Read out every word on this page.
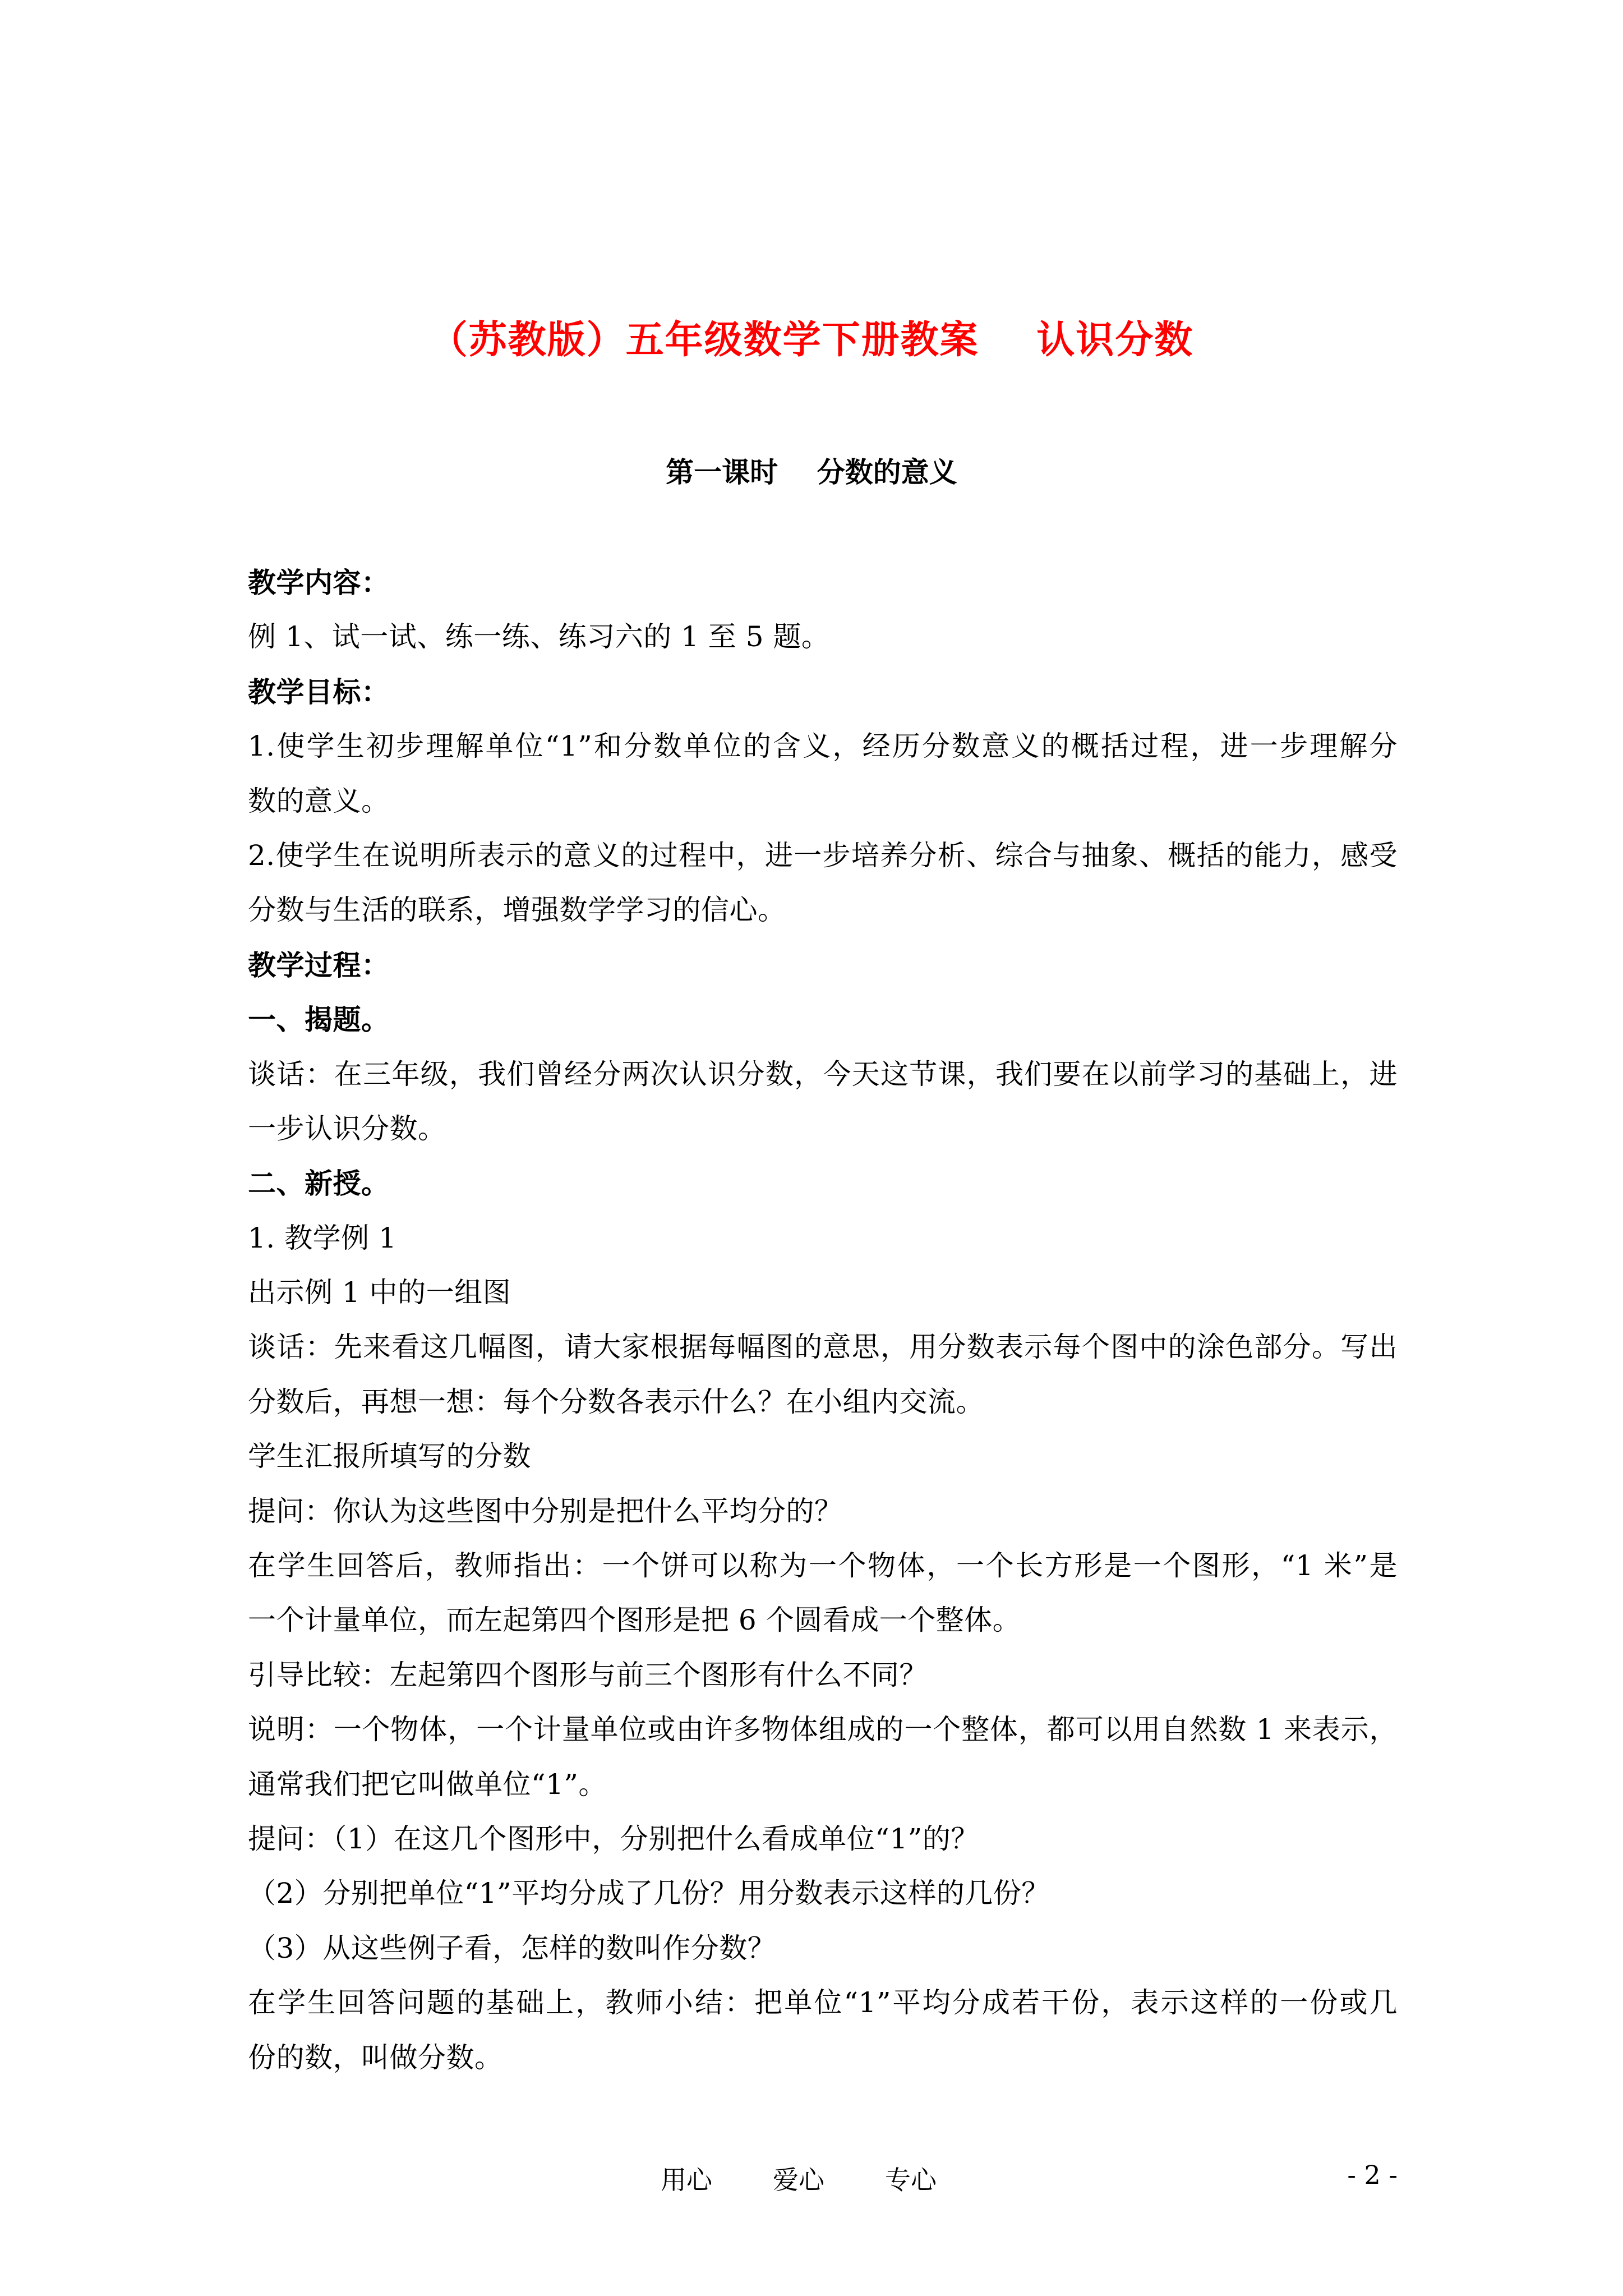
（苏教版）五年级数学下册教案    认识分数
第一课时    分数的意义
教学内容：
例 1、试一试、练一练、练习六的 1 至 5 题。
教学目标：
1.使学生初步理解单位“1”和分数单位的含义，经历分数意义的概括过程，进一步理解分
数的意义。
2.使学生在说明所表示的意义的过程中，进一步培养分析、综合与抽象、概括的能力，感受
分数与生活的联系，增强数学学习的信心。
教学过程：
一、揭题。
谈话：在三年级，我们曾经分两次认识分数，今天这节课，我们要在以前学习的基础上，进
一步认识分数。
二、新授。
1. 教学例 1
出示例 1 中的一组图
谈话：先来看这几幅图，请大家根据每幅图的意思，用分数表示每个图中的涂色部分。写出
分数后，再想一想：每个分数各表示什么？在小组内交流。
学生汇报所填写的分数
提问：你认为这些图中分别是把什么平均分的？
在学生回答后，教师指出：一个饼可以称为一个物体，一个长方形是一个图形，“1 米”是
一个计量单位，而左起第四个图形是把 6 个圆看成一个整体。
引导比较：左起第四个图形与前三个图形有什么不同？
说明：一个物体，一个计量单位或由许多物体组成的一个整体，都可以用自然数 1 来表示，
通常我们把它叫做单位“1”。
提问：（1）在这几个图形中，分别把什么看成单位“1”的？
（2）分别把单位“1”平均分成了几份？用分数表示这样的几份？
（3）从这些例子看，怎样的数叫作分数？
在学生回答问题的基础上，教师小结：把单位“1”平均分成若干份，表示这样的一份或几
份的数，叫做分数。
用心 爱心 专心	- 2 -
